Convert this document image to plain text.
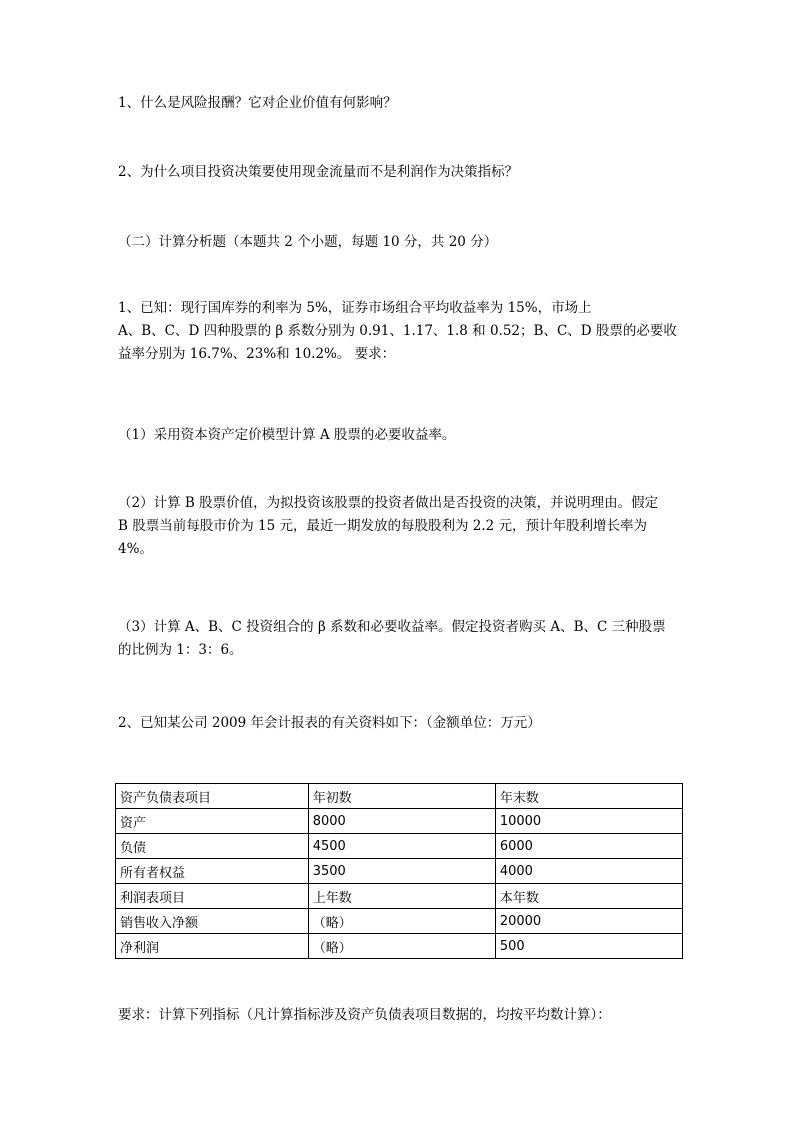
1、什么是风险报酬？它对企业价值有何影响？
2、为什么项目投资决策要使用现金流量而不是利润作为决策指标？
（二）计算分析题（本题共 2 个小题，每题 10 分，共 20 分）
1、已知：现行国库券的利率为 5%，证券市场组合平均收益率为 15%，市场上
A、B、C、D 四种股票的 β 系数分别为 0.91、1.17、1.8 和 0.52；B、C、D 股票的必要收
益率分别为 16.7%、23%和 10.2%。 要求：
（1）采用资本资产定价模型计算 A 股票的必要收益率。
（2）计算 B 股票价值，为拟投资该股票的投资者做出是否投资的决策，并说明理由。假定
B 股票当前每股市价为 15 元，最近一期发放的每股股利为 2.2 元，预计年股利增长率为
4%。
（3）计算 A、B、C 投资组合的 β 系数和必要收益率。假定投资者购买 A、B、C 三种股票
的比例为 1：3：6。
2、已知某公司 2009 年会计报表的有关资料如下：（金额单位：万元）
资产负债表项目	年初数	年末数
资产	8000	10000
负债	4500	6000
所有者权益	3500	4000
利润表项目	上年数	本年数
销售收入净额	（略）	20000
净利润	（略）	500
要求：计算下列指标（凡计算指标涉及资产负债表项目数据的，均按平均数计算）：
